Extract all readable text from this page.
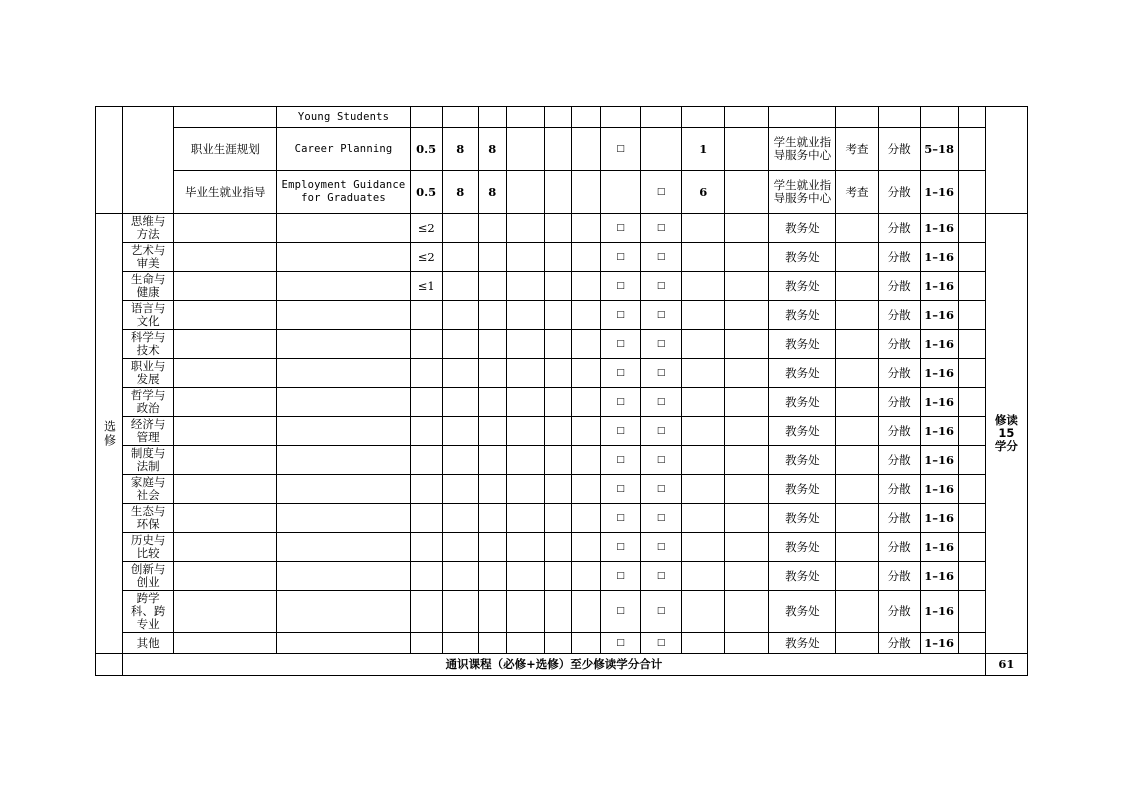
			Young Students																
		职业生涯规划	Career Planning	0.5	8	8				□		1		学生就业指导服务中心	考查	分散	5–18		
		毕业生就业指导	Employment Guidance for Graduates	0.5	8	8					□	6		学生就业指导服务中心	考查	分散	1–16		
选修	思维与方法			≤2						□	□			教务处		分散	1–16		修读15学分
	艺术与审美			≤2						□	□			教务处		分散	1–16		
	生命与健康			≤1						□	□			教务处		分散	1–16		
	语言与文化									□	□			教务处		分散	1–16		
	科学与技术									□	□			教务处		分散	1–16		
	职业与发展									□	□			教务处		分散	1–16		
	哲学与政治									□	□			教务处		分散	1–16		
	经济与管理									□	□			教务处		分散	1–16		
	制度与法制									□	□			教务处		分散	1–16		
	家庭与社会									□	□			教务处		分散	1–16		
	生态与环保									□	□			教务处		分散	1–16		
	历史与比较									□	□			教务处		分散	1–16		
	创新与创业									□	□			教务处		分散	1–16		
	跨学科、跨专业									□	□			教务处		分散	1–16		
	其他									□	□			教务处		分散	1–16		
	通识课程（必修+选修）至少修读学分合计																		61
